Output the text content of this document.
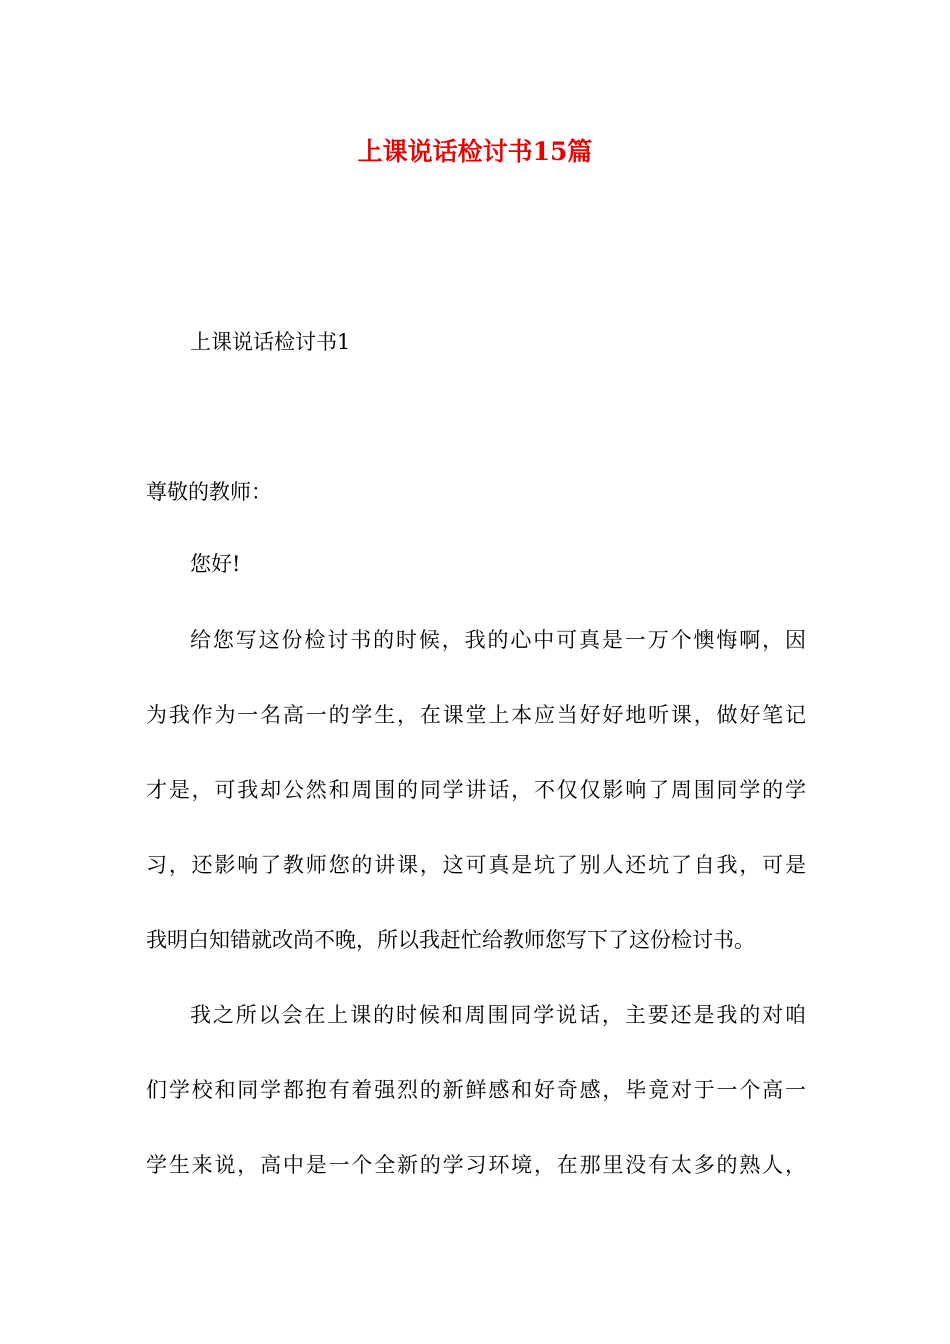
上课说话检讨书15篇

上课说话检讨书1

尊敬的教师：

您好!

给您写这份检讨书的时候，我的心中可真是一万个懊悔啊，因
为我作为一名高一的学生，在课堂上本应当好好地听课，做好笔记
才是，可我却公然和周围的同学讲话，不仅仅影响了周围同学的学
习，还影响了教师您的讲课，这可真是坑了别人还坑了自我，可是
我明白知错就改尚不晚，所以我赶忙给教师您写下了这份检讨书。

我之所以会在上课的时候和周围同学说话，主要还是我的对咱
们学校和同学都抱有着强烈的新鲜感和好奇感，毕竟对于一个高一
学生来说，高中是一个全新的学习环境，在那里没有太多的熟人，
